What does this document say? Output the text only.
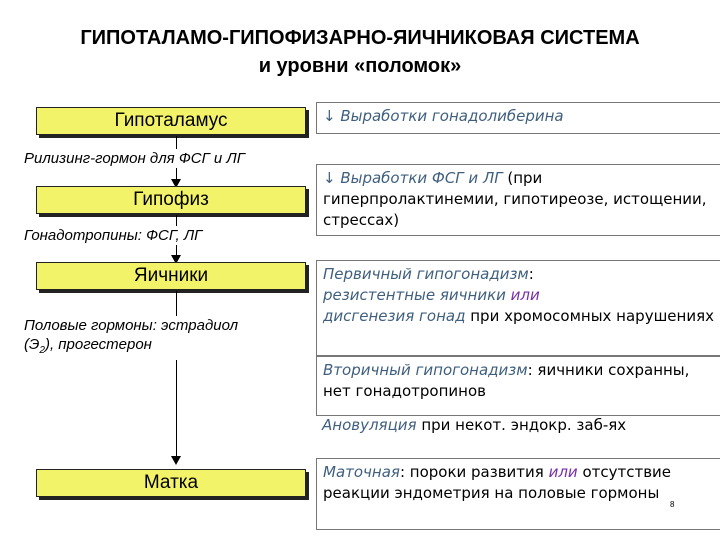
ГИПОТАЛАМО-ГИПОФИЗАРНО-ЯИЧНИКОВАЯ СИСТЕМА
и уровни «поломок»
Гипоталамус
Рилизинг-гормон для ФСГ и ЛГ
Гипофиз
Гонадотропины: ФСГ, ЛГ
Яичники
Половые гормоны: эстрадиол
$(Э_2)$, прогестерон
Матка
↓ Выработки гонадолиберина
↓ Выработки ФСГ и ЛГ (при гиперпролактинемии, гипотиреозе, истощении, стрессах)
Первичный гипогонадизм:
резистентные яичники или
дисгенезия гонад при хромосомных нарушениях
Вторичный гипогонадизм: яичники сохранны, нет гонадотропинов
Ановуляция при некот. эндокр. заб-ях
Маточная: пороки развития или отсутствие реакции эндометрия на половые гормоны
8
